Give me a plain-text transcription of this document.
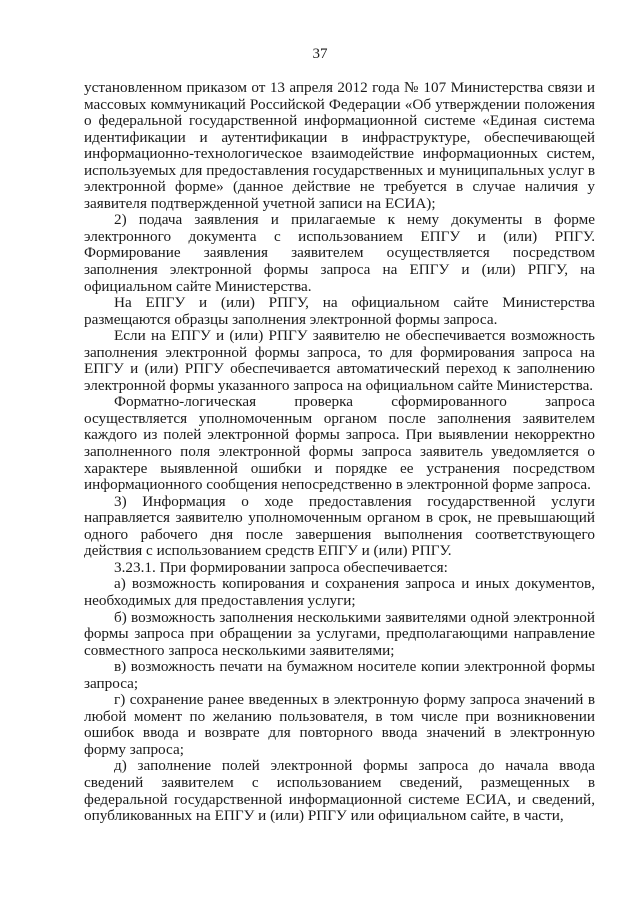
37

установленном приказом от 13 апреля 2012 года № 107 Министерства связи и массовых коммуникаций Российской Федерации «Об утверждении положения о федеральной государственной информационной системе «Единая система идентификации и аутентификации в инфраструктуре, обеспечивающей информационно-технологическое взаимодействие информационных систем, используемых для предоставления государственных и муниципальных услуг в электронной форме» (данное действие не требуется в случае наличия у заявителя подтвержденной учетной записи на ЕСИА);

2) подача заявления и прилагаемые к нему документы в форме электронного документа с использованием ЕПГУ и (или) РПГУ. Формирование заявления заявителем осуществляется посредством заполнения электронной формы запроса на ЕПГУ и (или) РПГУ, на официальном сайте Министерства.

На ЕПГУ и (или) РПГУ, на официальном сайте Министерства размещаются образцы заполнения электронной формы запроса.

Если на ЕПГУ и (или) РПГУ заявителю не обеспечивается возможность заполнения электронной формы запроса, то для формирования запроса на ЕПГУ и (или) РПГУ обеспечивается автоматический переход к заполнению электронной формы указанного запроса на официальном сайте Министерства.

Форматно-логическая проверка сформированного запроса осуществляется уполномоченным органом после заполнения заявителем каждого из полей электронной формы запроса. При выявлении некорректно заполненного поля электронной формы запроса заявитель уведомляется о характере выявленной ошибки и порядке ее устранения посредством информационного сообщения непосредственно в электронной форме запроса.

3) Информация о ходе предоставления государственной услуги направляется заявителю уполномоченным органом в срок, не превышающий одного рабочего дня после завершения выполнения соответствующего действия с использованием средств ЕПГУ и (или) РПГУ.

3.23.1. При формировании запроса обеспечивается:

а) возможность копирования и сохранения запроса и иных документов, необходимых для предоставления услуги;

б) возможность заполнения несколькими заявителями одной электронной формы запроса при обращении за услугами, предполагающими направление совместного запроса несколькими заявителями;

в) возможность печати на бумажном носителе копии электронной формы запроса;

г) сохранение ранее введенных в электронную форму запроса значений в любой момент по желанию пользователя, в том числе при возникновении ошибок ввода и возврате для повторного ввода значений в электронную форму запроса;

д) заполнение полей электронной формы запроса до начала ввода сведений заявителем с использованием сведений, размещенных в федеральной государственной информационной системе ЕСИА, и сведений, опубликованных на ЕПГУ и (или) РПГУ или официальном сайте, в части,
